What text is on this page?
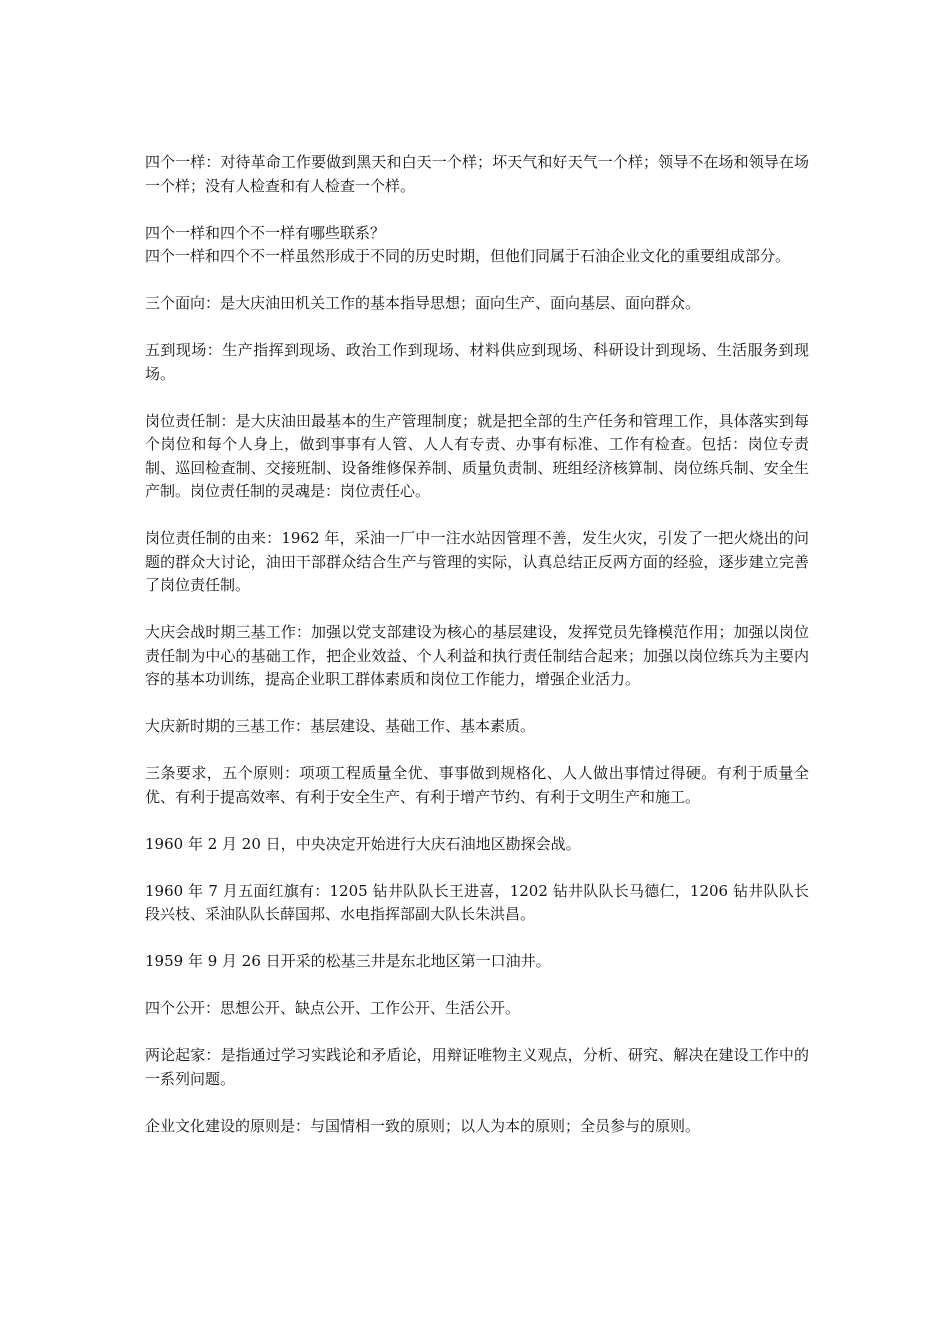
四个一样：对待革命工作要做到黑天和白天一个样；坏天气和好天气一个样；领导不在场和领导在场一个样；没有人检查和有人检查一个样。

四个一样和四个不一样有哪些联系？
四个一样和四个不一样虽然形成于不同的历史时期，但他们同属于石油企业文化的重要组成部分。

三个面向：是大庆油田机关工作的基本指导思想；面向生产、面向基层、面向群众。

五到现场：生产指挥到现场、政治工作到现场、材料供应到现场、科研设计到现场、生活服务到现场。

岗位责任制：是大庆油田最基本的生产管理制度；就是把全部的生产任务和管理工作，具体落实到每个岗位和每个人身上，做到事事有人管、人人有专责、办事有标准、工作有检查。包括：岗位专责制、巡回检查制、交接班制、设备维修保养制、质量负责制、班组经济核算制、岗位练兵制、安全生产制。岗位责任制的灵魂是：岗位责任心。

岗位责任制的由来：1962 年，采油一厂中一注水站因管理不善，发生火灾，引发了一把火烧出的问题的群众大讨论，油田干部群众结合生产与管理的实际，认真总结正反两方面的经验，逐步建立完善了岗位责任制。

大庆会战时期三基工作：加强以党支部建设为核心的基层建设，发挥党员先锋模范作用；加强以岗位责任制为中心的基础工作，把企业效益、个人利益和执行责任制结合起来；加强以岗位练兵为主要内容的基本功训练，提高企业职工群体素质和岗位工作能力，增强企业活力。

大庆新时期的三基工作：基层建设、基础工作、基本素质。

三条要求，五个原则：项项工程质量全优、事事做到规格化、人人做出事情过得硬。有利于质量全优、有利于提高效率、有利于安全生产、有利于增产节约、有利于文明生产和施工。

1960 年 2 月 20 日，中央决定开始进行大庆石油地区勘探会战。

1960 年 7 月五面红旗有：1205 钻井队队长王进喜，1202 钻井队队长马德仁，1206 钻井队队长段兴枝、采油队队长薛国邦、水电指挥部副大队长朱洪昌。

1959 年 9 月 26 日开采的松基三井是东北地区第一口油井。

四个公开：思想公开、缺点公开、工作公开、生活公开。

两论起家：是指通过学习实践论和矛盾论，用辩证唯物主义观点，分析、研究、解决在建设工作中的一系列问题。

企业文化建设的原则是：与国情相一致的原则；以人为本的原则；全员参与的原则。
